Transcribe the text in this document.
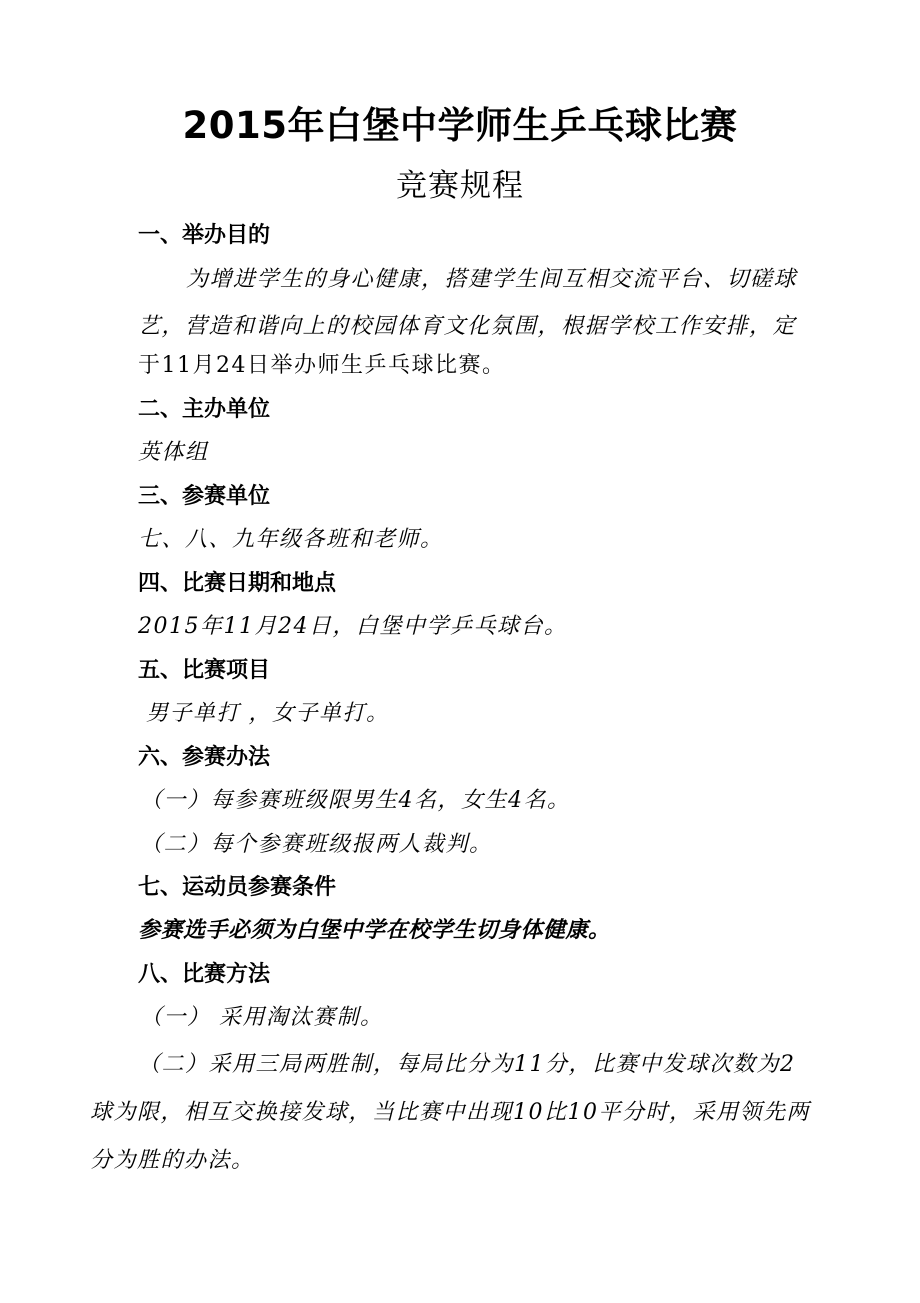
2015年白堡中学师生乒乓球比赛
竞赛规程
一、举办目的
为增进学生的身心健康，搭建学生间互相交流平台、切磋球
艺，营造和谐向上的校园体育文化氛围，根据学校工作安排，定
于11月24日举办师生乒乓球比赛。
二、主办单位
英体组
三、参赛单位
七、八、九年级各班和老师。
四、比赛日期和地点
2015年11月24日，白堡中学乒乓球台。
五、比赛项目
男子单打 ，女子单打。
六、参赛办法
（一）每参赛班级限男生4名，女生4名。
（二）每个参赛班级报两人裁判。
七、运动员参赛条件
参赛选手必须为白堡中学在校学生切身体健康。
八、比赛方法
（一） 采用淘汰赛制。
（二）采用三局两胜制，每局比分为11分，比赛中发球次数为2
球为限，相互交换接发球，当比赛中出现10比10平分时，采用领先两
分为胜的办法。
